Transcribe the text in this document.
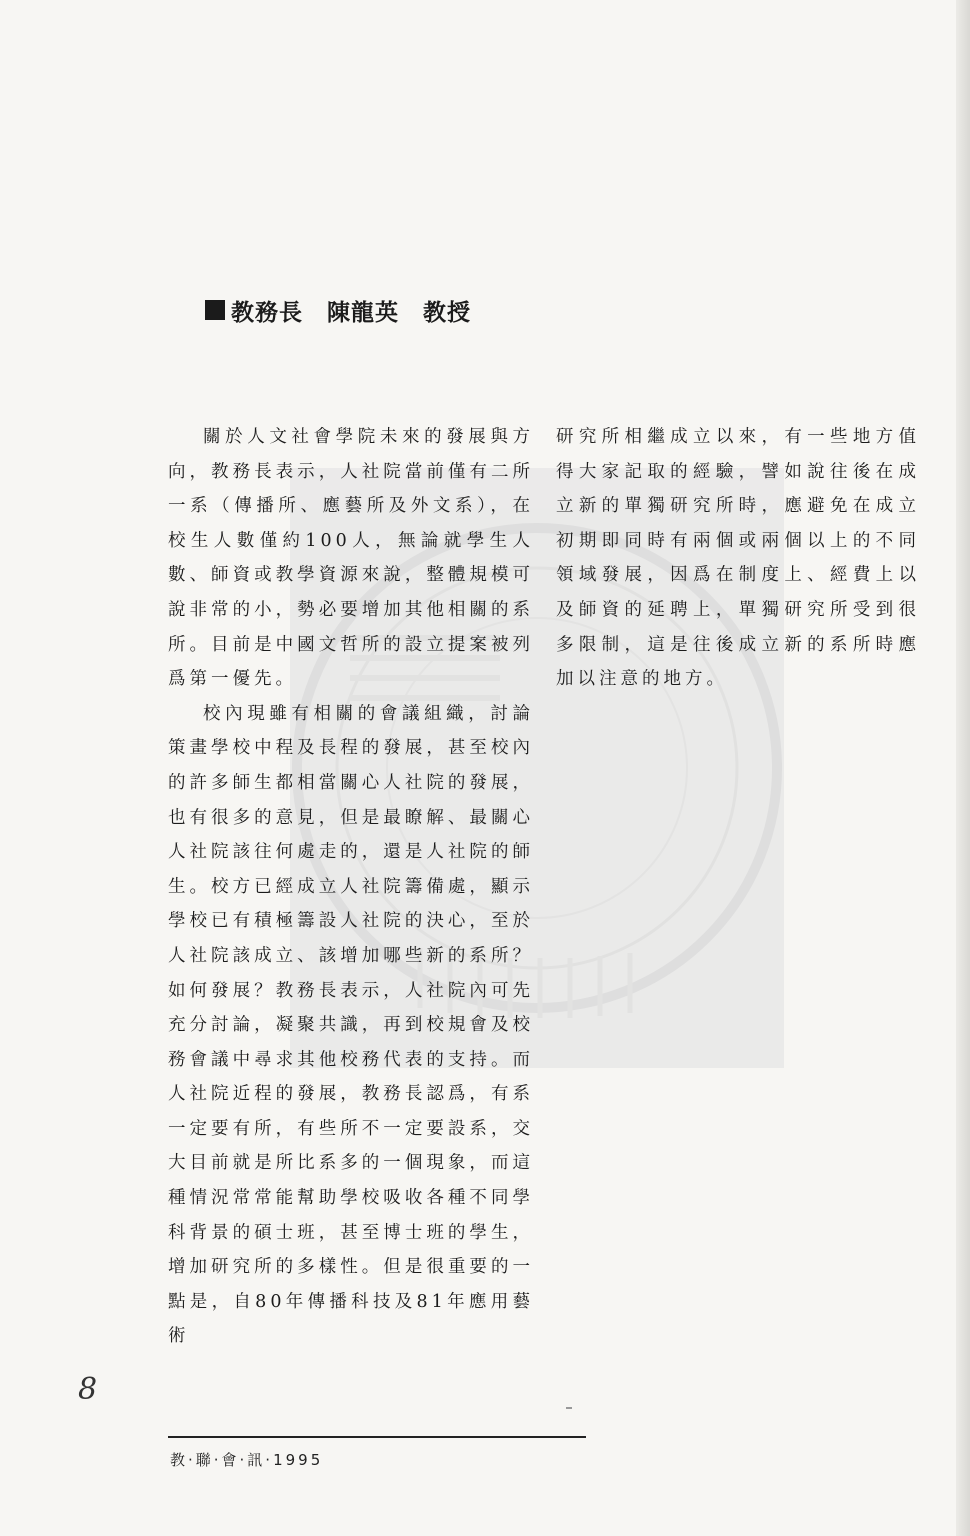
教務長　陳龍英　教授

關於人文社會學院未來的發展與方向，教務長表示，人社院當前僅有二所一系（傳播所、應藝所及外文系），在校生人數僅約100人，無論就學生人數、師資或教學資源來說，整體規模可說非常的小，勢必要增加其他相關的系所。目前是中國文哲所的設立提案被列爲第一優先。

校內現雖有相關的會議組織，討論策畫學校中程及長程的發展，甚至校內的許多師生都相當關心人社院的發展，也有很多的意見，但是最瞭解、最關心人社院該往何處走的，還是人社院的師生。校方已經成立人社院籌備處，顯示學校已有積極籌設人社院的決心，至於人社院該成立、該增加哪些新的系所？如何發展？教務長表示，人社院內可先充分討論，凝聚共識，再到校規會及校務會議中尋求其他校務代表的支持。而人社院近程的發展，教務長認爲，有系一定要有所，有些所不一定要設系，交大目前就是所比系多的一個現象，而這種情況常常能幫助學校吸收各種不同學科背景的碩士班，甚至博士班的學生，增加研究所的多樣性。但是很重要的一點是，自80年傳播科技及81年應用藝術

研究所相繼成立以來，有一些地方值得大家記取的經驗，譬如說往後在成立新的單獨研究所時，應避免在成立初期即同時有兩個或兩個以上的不同領域發展，因爲在制度上、經費上以及師資的延聘上，單獨研究所受到很多限制，這是往後成立新的系所時應加以注意的地方。

8
教·聯·會·訊·1995
